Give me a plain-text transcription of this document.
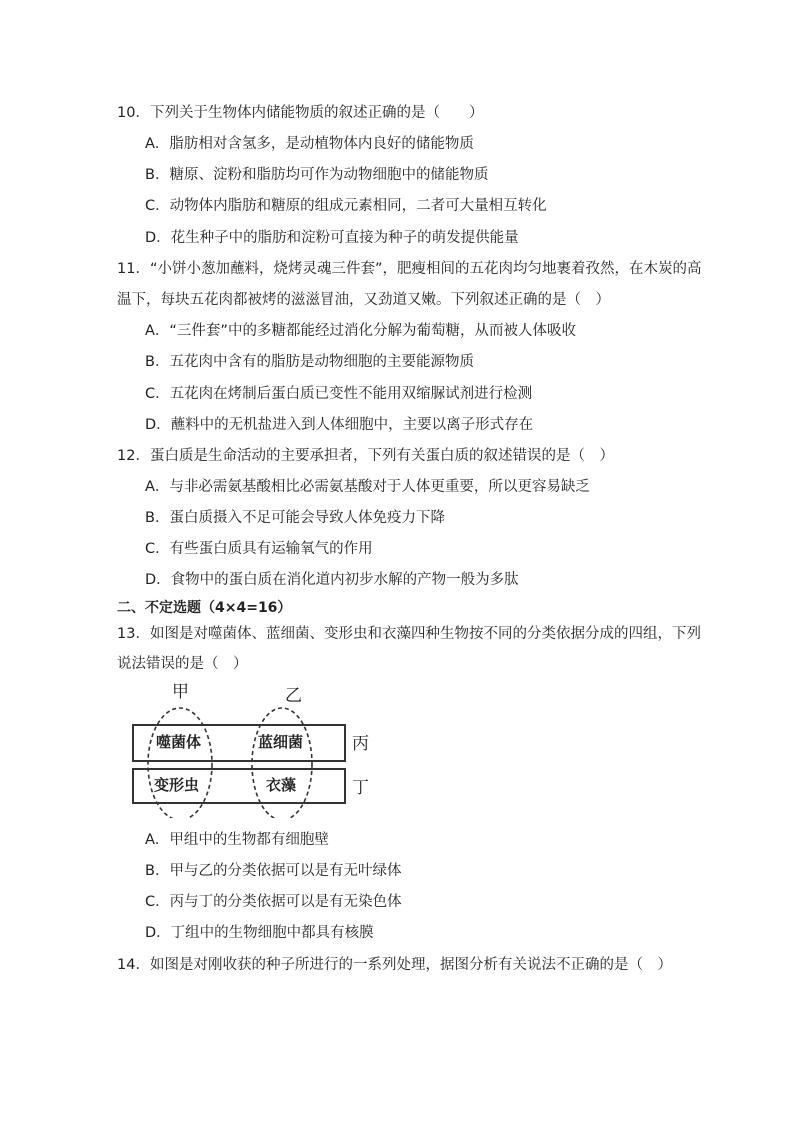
10．下列关于生物体内储能物质的叙述正确的是（　　）
A．脂肪相对含氢多，是动植物体内良好的储能物质
B．糖原、淀粉和脂肪均可作为动物细胞中的储能物质
C．动物体内脂肪和糖原的组成元素相同，二者可大量相互转化
D．花生种子中的脂肪和淀粉可直接为种子的萌发提供能量
11．“小饼小葱加蘸料，烧烤灵魂三件套”，肥瘦相间的五花肉均匀地裹着孜然，在木炭的高
温下，每块五花肉都被烤的滋滋冒油，又劲道又嫩。下列叙述正确的是（　）
A．“三件套”中的多糖都能经过消化分解为葡萄糖，从而被人体吸收
B．五花肉中含有的脂肪是动物细胞的主要能源物质
C．五花肉在烤制后蛋白质已变性不能用双缩脲试剂进行检测
D．蘸料中的无机盐进入到人体细胞中，主要以离子形式存在
12．蛋白质是生命活动的主要承担者，下列有关蛋白质的叙述错误的是（　）
A．与非必需氨基酸相比必需氨基酸对于人体更重要，所以更容易缺乏
B．蛋白质摄入不足可能会导致人体免疫力下降
C．有些蛋白质具有运输氧气的作用
D．食物中的蛋白质在消化道内初步水解的产物一般为多肽
二、不定选题（4×4=16）
13．如图是对噬菌体、蓝细菌、变形虫和衣藻四种生物按不同的分类依据分成的四组，下列
说法错误的是（　）
甲	乙
丙
丁
噬菌体	蓝细菌
变形虫	衣藻
A．甲组中的生物都有细胞壁
B．甲与乙的分类依据可以是有无叶绿体
C．丙与丁的分类依据可以是有无染色体
D．丁组中的生物细胞中都具有核膜
14．如图是对刚收获的种子所进行的一系列处理，据图分析有关说法不正确的是（　）
